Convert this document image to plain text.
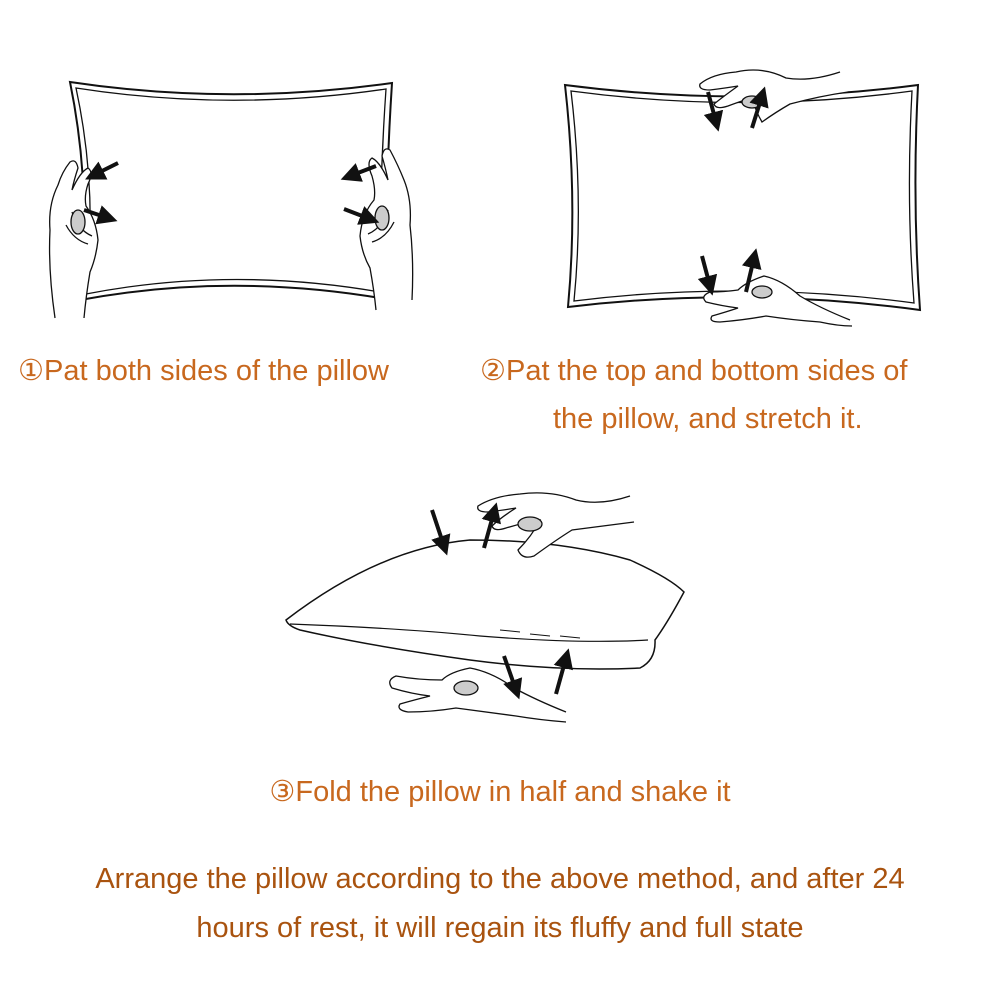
①Pat both sides of the pillow	②Pat the top and bottom sides of
the pillow, and stretch it.
③Fold the pillow in half and shake it
Arrange the pillow according to the above method, and after 24
hours of rest, it will regain its fluffy and full state
